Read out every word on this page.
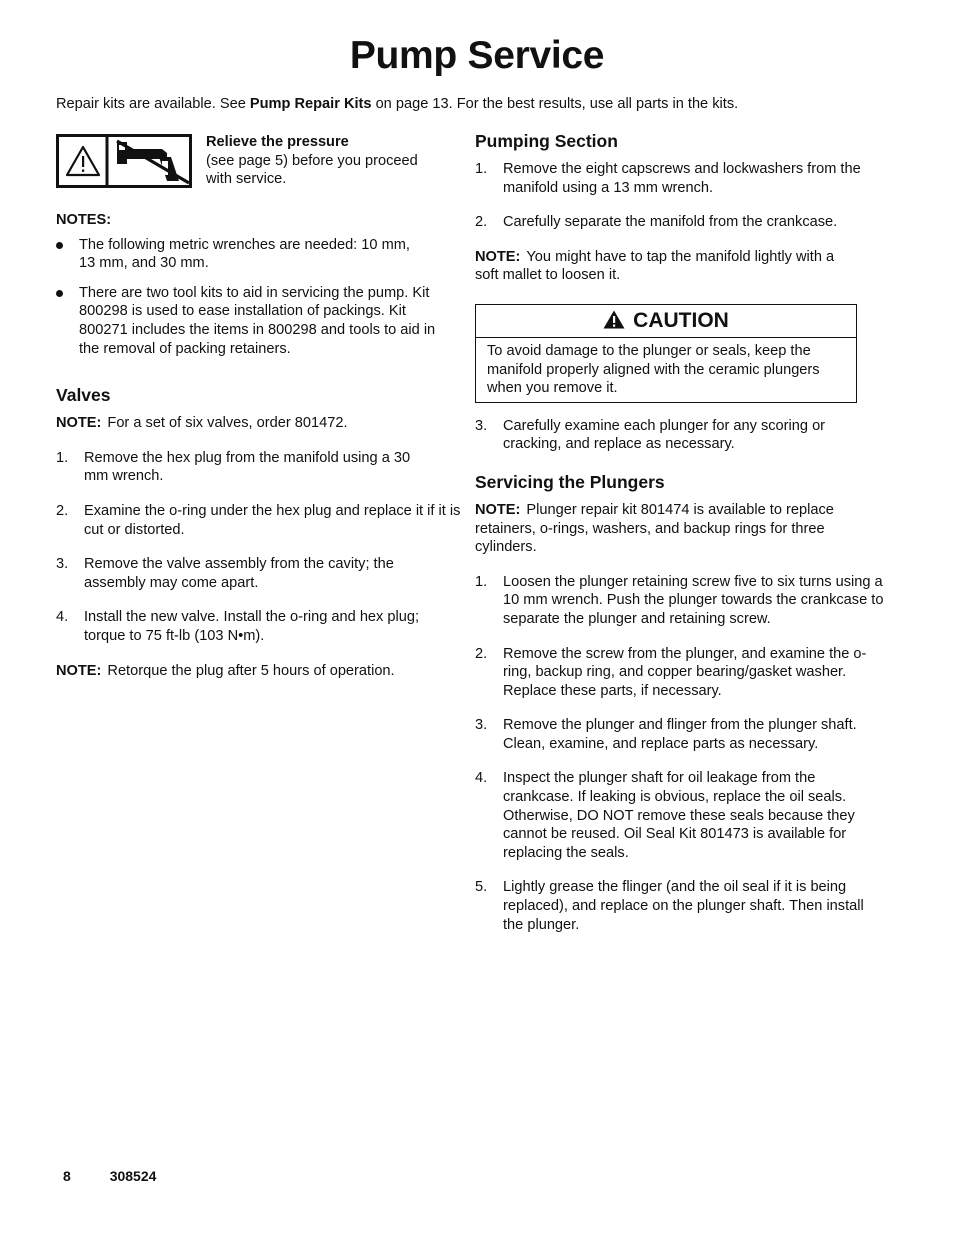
Pump Service
Repair kits are available. See Pump Repair Kits on page 13. For the best results, use all parts in the kits.
Relieve the pressure
(see page 5) before you proceed with service.
NOTES:
The following metric wrenches are needed: 10 mm, 13 mm, and 30 mm.
There are two tool kits to aid in servicing the pump. Kit 800298 is used to ease installation of packings. Kit 800271 includes the items in 800298 and tools to aid in the removal of packing retainers.
Valves
NOTE: For a set of six valves, order 801472.
1. Remove the hex plug from the manifold using a 30 mm wrench.
2. Examine the o-ring under the hex plug and replace it if it is cut or distorted.
3. Remove the valve assembly from the cavity; the assembly may come apart.
4. Install the new valve. Install the o-ring and hex plug; torque to 75 ft-lb (103 N•m).
NOTE: Retorque the plug after 5 hours of operation.
Pumping Section
1. Remove the eight capscrews and lockwashers from the manifold using a 13 mm wrench.
2. Carefully separate the manifold from the crankcase.
NOTE: You might have to tap the manifold lightly with a soft mallet to loosen it.
CAUTION
To avoid damage to the plunger or seals, keep the manifold properly aligned with the ceramic plungers when you remove it.
3. Carefully examine each plunger for any scoring or cracking, and replace as necessary.
Servicing the Plungers
NOTE: Plunger repair kit 801474 is available to replace retainers, o-rings, washers, and backup rings for three cylinders.
1. Loosen the plunger retaining screw five to six turns using a 10 mm wrench. Push the plunger towards the crankcase to separate the plunger and retaining screw.
2. Remove the screw from the plunger, and examine the o-ring, backup ring, and copper bearing/gasket washer. Replace these parts, if necessary.
3. Remove the plunger and flinger from the plunger shaft. Clean, examine, and replace parts as necessary.
4. Inspect the plunger shaft for oil leakage from the crankcase. If leaking is obvious, replace the oil seals. Otherwise, DO NOT remove these seals because they cannot be reused. Oil Seal Kit 801473 is available for replacing the seals.
5. Lightly grease the flinger (and the oil seal if it is being replaced), and replace on the plunger shaft. Then install the plunger.
8	308524
